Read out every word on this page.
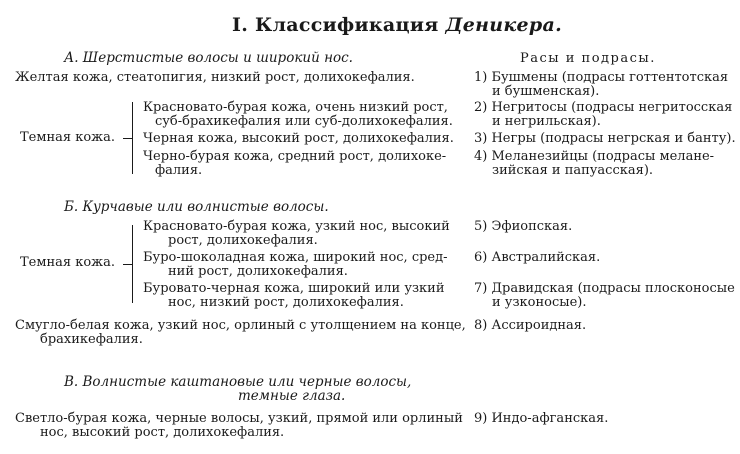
I. Классификация Деникера.
А. Шерстистые волосы и широкий нос.	Расы и подрасы.
Желтая кожа, стеатопигия, низкий рост, долихокефалия.	1) Бушмены (подрасы готтентотская
и бушменская).
Темная кожа.
Красновато-бурая кожа, очень низкий рост,
суб-брахикефалия или суб-долихокефалия.
2) Негритосы (подрасы негритосская
и негрильская).
Черная кожа, высокий рост, долихокефалия. 3) Негры (подрасы негрская и банту).
Черно-бурая кожа, средний рост, долихоке-
фалия.
4) Меланезийцы (подрасы мелане-
зийская и папуасская).
Б. Курчавые или волнистые волосы.
Темная кожа.
Красновато-бурая кожа, узкий нос, высокий
рост, долихокефалия.
5) Эфиопская.
Буро-шоколадная кожа, широкий нос, сред-
ний рост, долихокефалия.
6) Австралийская.
Буровато-черная кожа, широкий или узкий
нос, низкий рост, долихокефалия.
7) Дравидская (подрасы плосконосые
и узконосые).
Смугло-белая кожа, узкий нос, орлиный с утолщением на конце,
брахикефалия.
8) Ассироидная.
В. Волнистые каштановые или черные волосы,
темные глаза.
Светло-бурая кожа, черные волосы, узкий, прямой или орлиный
нос, высокий рост, долихокефалия.
9) Индо-афганская.
